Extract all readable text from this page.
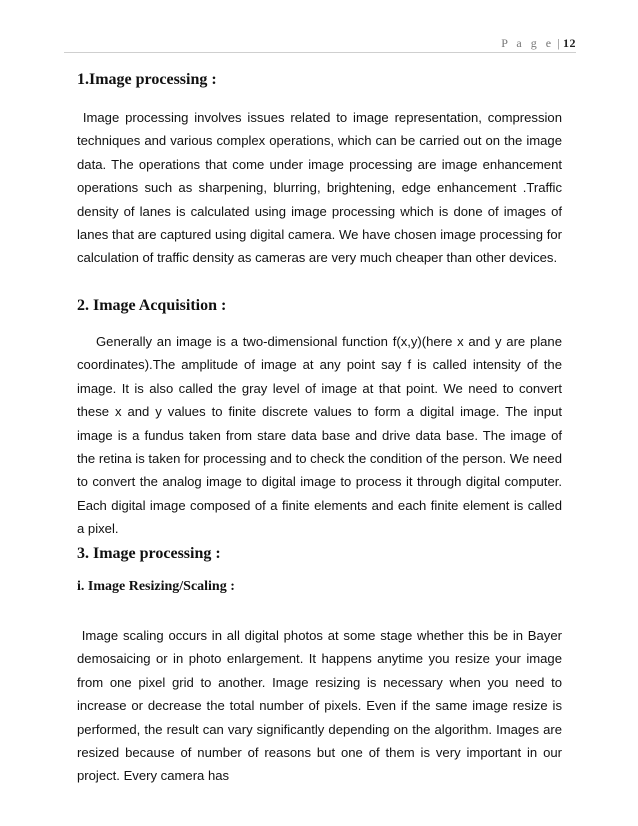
P a g e | 12
1.Image processing :

Image processing involves issues related to image representation, compression techniques and various complex operations, which can be carried out on the image data. The operations that come under image processing are image enhancement operations such as sharpening, blurring, brightening, edge enhancement .Traffic density of lanes is calculated using image processing which is done of images of lanes that are captured using digital camera. We have chosen image processing for calculation of traffic density as cameras are very much cheaper than other devices.

2. Image Acquisition :

Generally an image is a two-dimensional function f(x,y)(here x and y are plane coordinates).The amplitude of image at any point say f is called intensity of the image. It is also called the gray level of image at that point. We need to convert these x and y values to finite discrete values to form a digital image. The input image is a fundus taken from stare data base and drive data base. The image of the retina is taken for processing and to check the condition of the person. We need to convert the analog image to digital image to process it through digital computer. Each digital image composed of a finite elements and each finite element is called a pixel.

3. Image processing :
i. Image Resizing/Scaling :

Image scaling occurs in all digital photos at some stage whether this be in Bayer demosaicing or in photo enlargement. It happens anytime you resize your image from one pixel grid to another. Image resizing is necessary when you need to increase or decrease the total number of pixels. Even if the same image resize is performed, the result can vary significantly depending on the algorithm. Images are resized because of number of reasons but one of them is very important in our project. Every camera has
